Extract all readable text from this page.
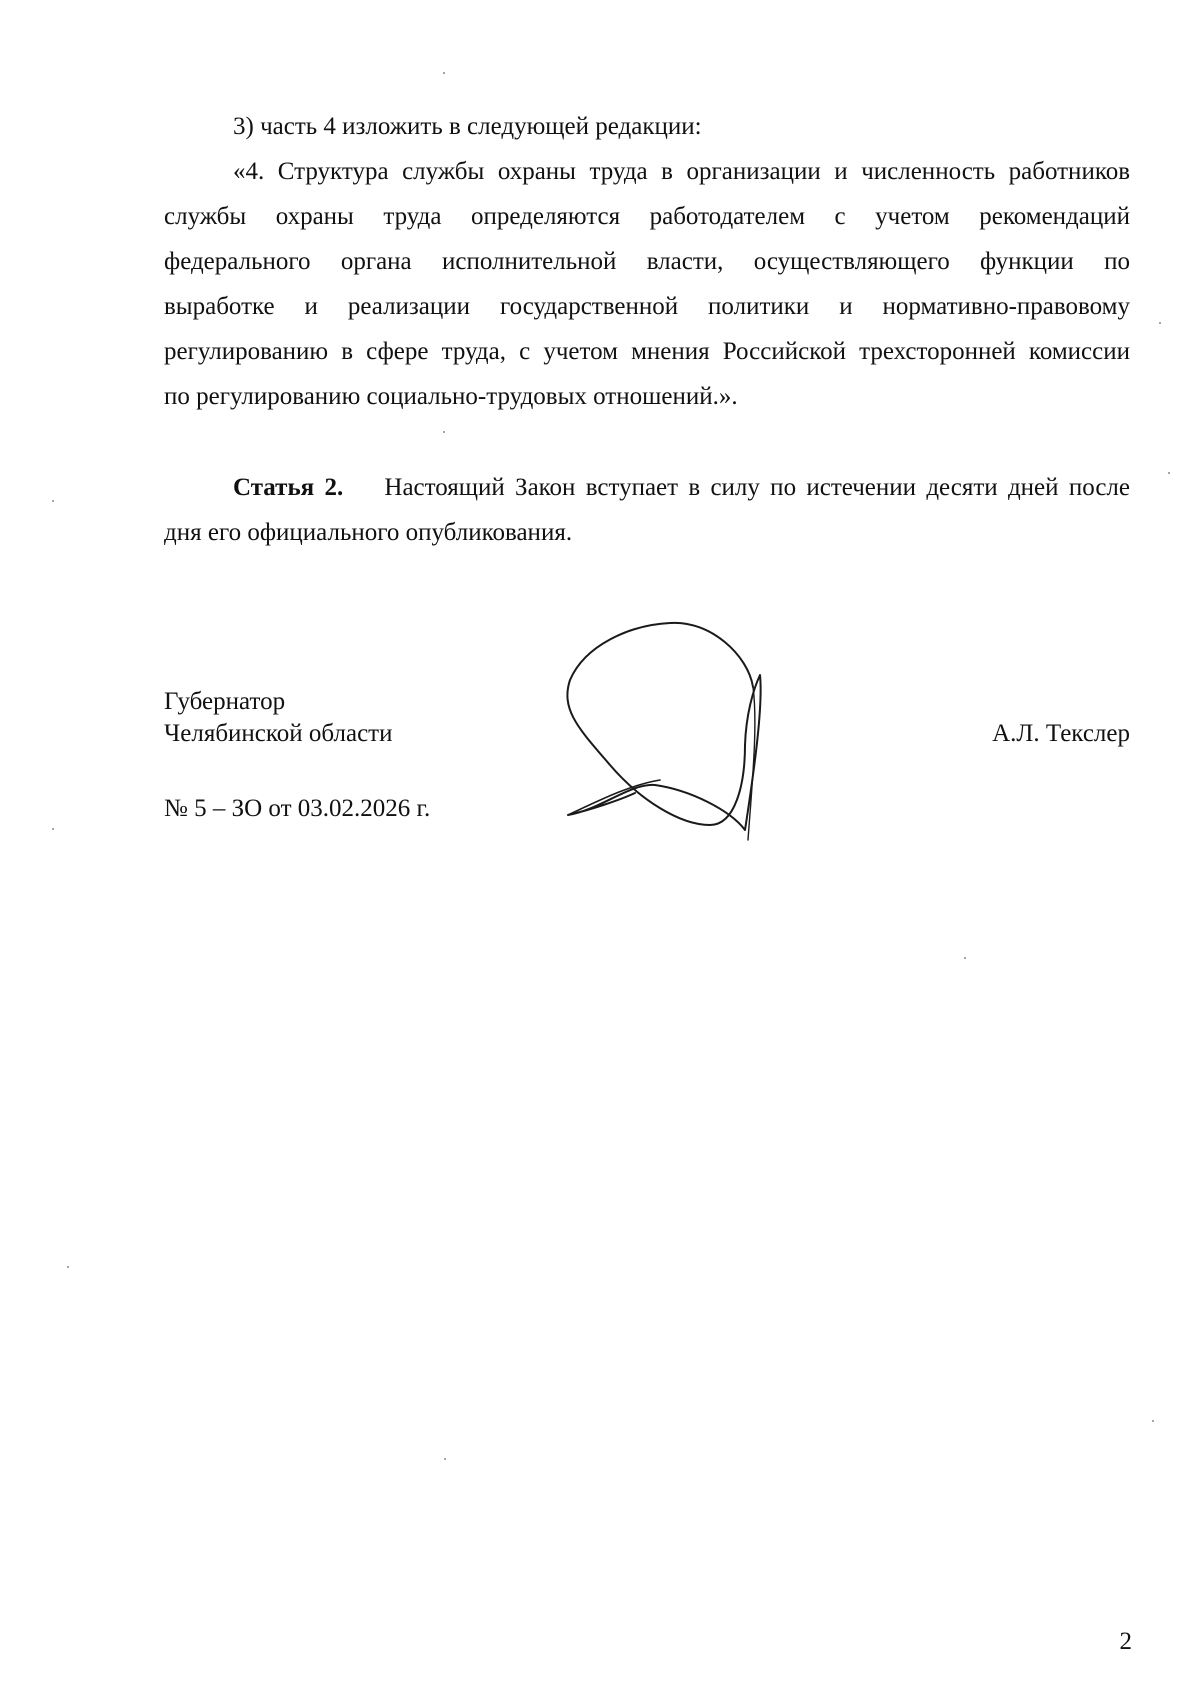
3) часть 4 изложить в следующей редакции:
«4. Структура службы охраны труда в организации и численность работников
службы охраны труда определяются работодателем с учетом рекомендаций
федерального органа исполнительной власти, осуществляющего функции по
выработке и реализации государственной политики и нормативно-правовому
регулированию в сфере труда, с учетом мнения Российской трехсторонней комиссии
по регулированию социально-трудовых отношений.».
Статья 2. Настоящий Закон вступает в силу по истечении десяти дней после
дня его официального опубликования.
Губернатор
Челябинской области	А.Л. Текслер
№ 5 – ЗО от 03.02.2026 г.
2
